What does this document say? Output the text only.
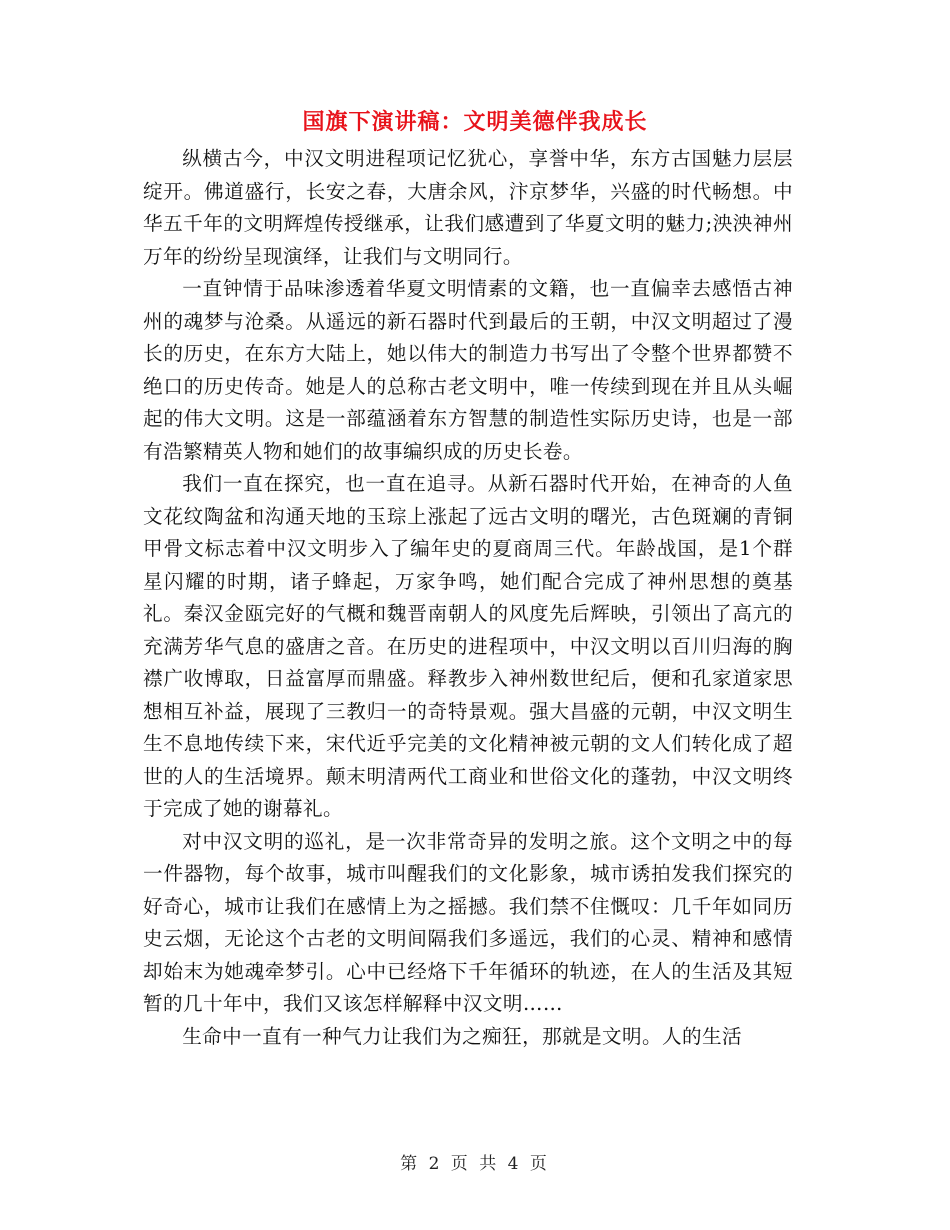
国旗下演讲稿：文明美德伴我成长

纵横古今，中汉文明进程项记忆犹心，享誉中华，东方古国魅力层层绽开。佛道盛行，长安之春，大唐余风，汴京梦华，兴盛的时代畅想。中华五千年的文明辉煌传授继承，让我们感遭到了华夏文明的魅力;泱泱神州万年的纷纷呈现演绎，让我们与文明同行。

一直钟情于品味渗透着华夏文明情素的文籍，也一直偏幸去感悟古神州的魂梦与沧桑。从遥远的新石器时代到最后的王朝，中汉文明超过了漫长的历史，在东方大陆上，她以伟大的制造力书写出了令整个世界都赞不绝口的历史传奇。她是人的总称古老文明中，唯一传续到现在并且从头崛起的伟大文明。这是一部蕴涵着东方智慧的制造性实际历史诗，也是一部有浩繁精英人物和她们的故事编织成的历史长卷。

我们一直在探究，也一直在追寻。从新石器时代开始，在神奇的人鱼文花纹陶盆和沟通天地的玉琮上涨起了远古文明的曙光，古色斑斓的青铜甲骨文标志着中汉文明步入了编年史的夏商周三代。年龄战国，是1个群星闪耀的时期，诸子蜂起，万家争鸣，她们配合完成了神州思想的奠基礼。秦汉金瓯完好的气概和魏晋南朝人的风度先后辉映，引领出了高亢的充满芳华气息的盛唐之音。在历史的进程项中，中汉文明以百川归海的胸襟广收博取，日益富厚而鼎盛。释教步入神州数世纪后，便和孔家道家思想相互补益，展现了三教归一的奇特景观。强大昌盛的元朝，中汉文明生生不息地传续下来，宋代近乎完美的文化精神被元朝的文人们转化成了超世的人的生活境界。颠末明清两代工商业和世俗文化的蓬勃，中汉文明终于完成了她的谢幕礼。

对中汉文明的巡礼，是一次非常奇异的发明之旅。这个文明之中的每一件器物，每个故事，城市叫醒我们的文化影象，城市诱拍发我们探究的好奇心，城市让我们在感情上为之摇撼。我们禁不住慨叹：几千年如同历史云烟，无论这个古老的文明间隔我们多遥远，我们的心灵、精神和感情却始末为她魂牵梦引。心中已经烙下千年循环的轨迹，在人的生活及其短暂的几十年中，我们又该怎样解释中汉文明……

生命中一直有一种气力让我们为之痴狂，那就是文明。人的生活

第 2 页 共 4 页
